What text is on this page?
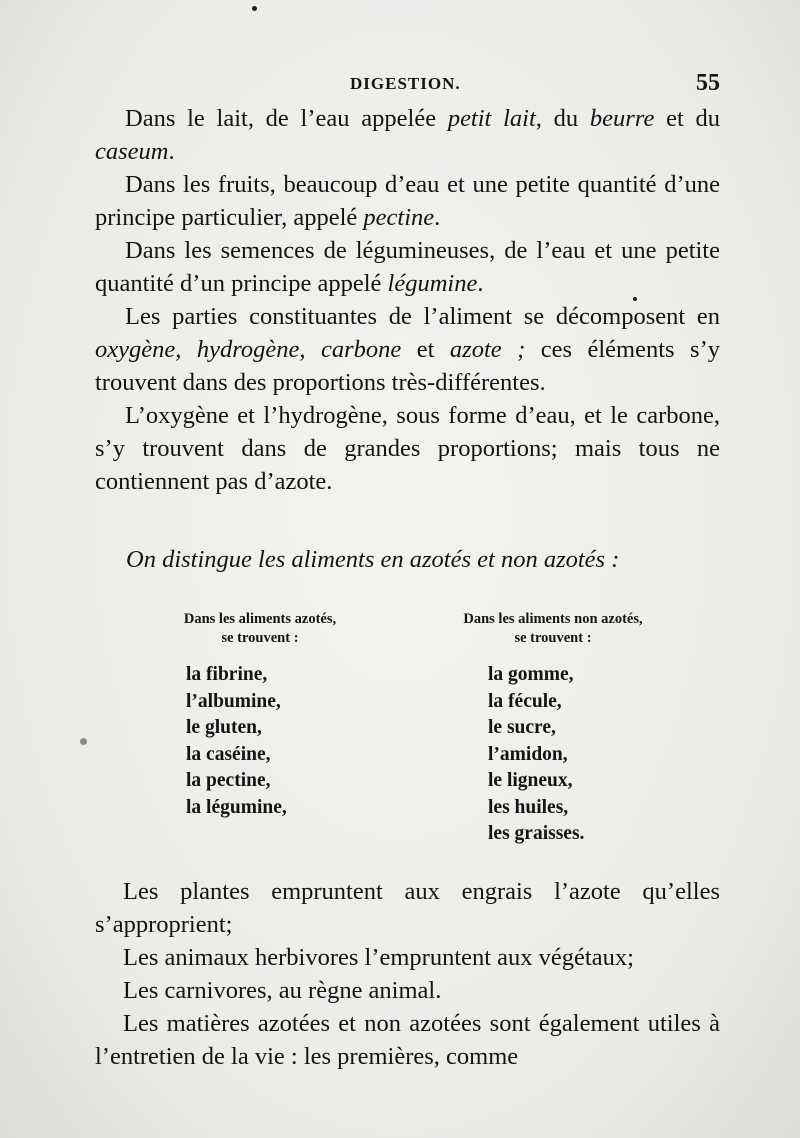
DIGESTION.	55

Dans le lait, de l’eau appelée petit lait, du beurre et du caseum.

Dans les fruits, beaucoup d’eau et une petite quantité d’une principe particulier, appelé pectine.

Dans les semences de légumineuses, de l’eau et une petite quantité d’un principe appelé légumine.

Les parties constituantes de l’aliment se décomposent en oxygène, hydrogène, carbone et azote ; ces éléments s’y trouvent dans des proportions très-différentes.

L’oxygène et l’hydrogène, sous forme d’eau, et le carbone, s’y trouvent dans de grandes proportions; mais tous ne contiennent pas d’azote.

On distingue les aliments en azotés et non azotés :
Dans les aliments azotés,
se trouvent :
Dans les aliments non azotés,
se trouvent :
la fibrine,
l’albumine,
le gluten,
la caséine,
la pectine,
la légumine,
la gomme,
la fécule,
le sucre,
l’amidon,
le ligneux,
les huiles,
les graisses.

Les plantes empruntent aux engrais l’azote qu’elles s’approprient;

Les animaux herbivores l’empruntent aux végétaux;

Les carnivores, au règne animal.

Les matières azotées et non azotées sont également utiles à l’entretien de la vie : les premières, comme
